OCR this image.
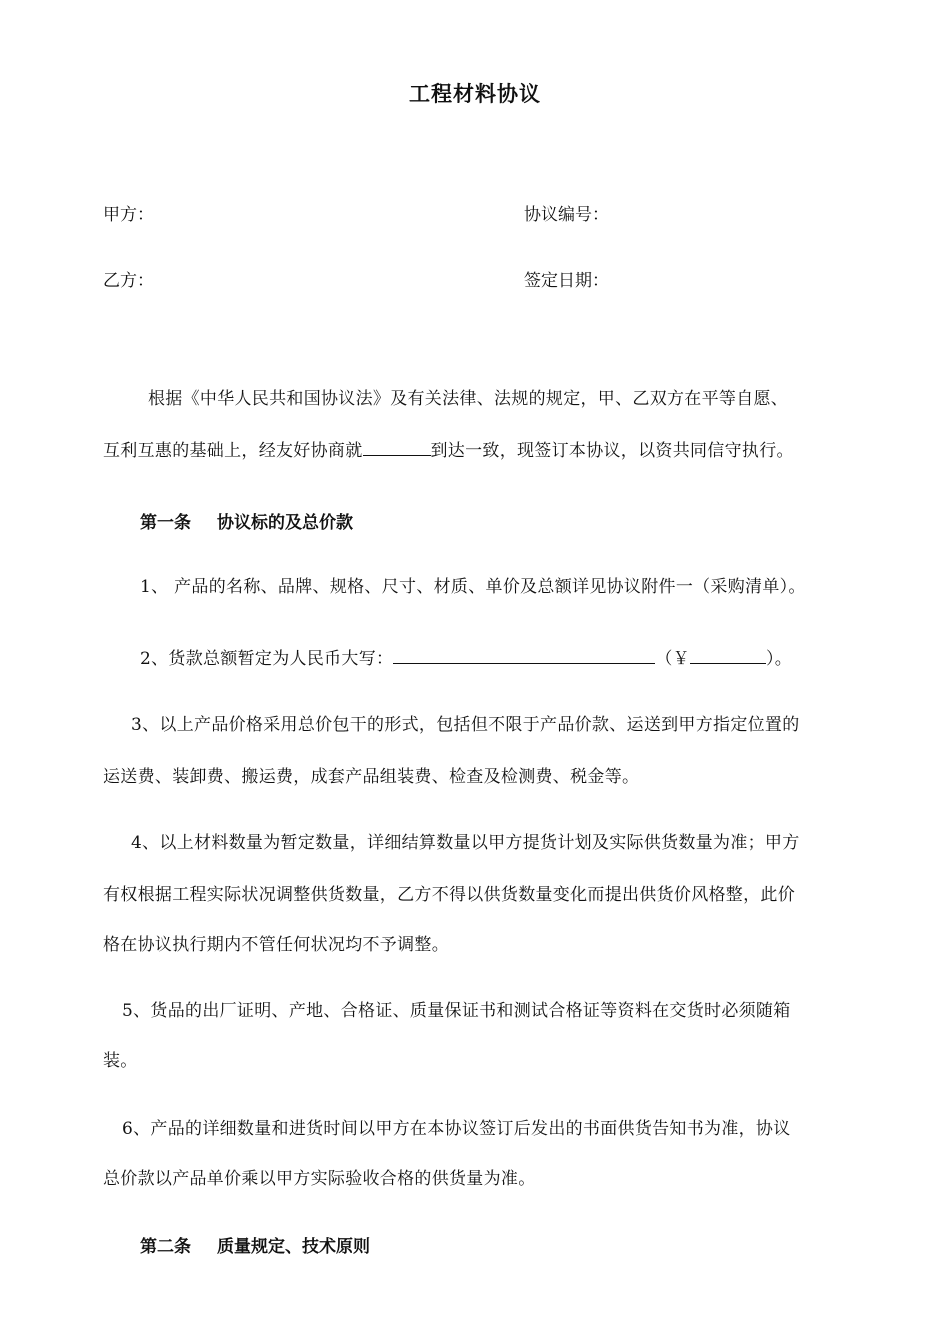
工程材料协议
甲方：	协议编号：
乙方：	签定日期：
根据《中华人民共和国协议法》及有关法律、法规的规定，甲、乙双方在平等自愿、
互利互惠的基础上，经友好协商就	到达一致，现签订本协议，以资共同信守执行。
第一条 协议标的及总价款
1、 产品的名称、品牌、规格、尺寸、材质、单价及总额详见协议附件一（采购清单）。
2、货款总额暂定为人民币大写：	（￥	）。
3、以上产品价格采用总价包干的形式，包括但不限于产品价款、运送到甲方指定位置的
运送费、装卸费、搬运费，成套产品组装费、检查及检测费、税金等。
4、以上材料数量为暂定数量，详细结算数量以甲方提货计划及实际供货数量为准；甲方
有权根据工程实际状况调整供货数量，乙方不得以供货数量变化而提出供货价风格整，此价
格在协议执行期内不管任何状况均不予调整。
5、货品的出厂证明、产地、合格证、质量保证书和测试合格证等资料在交货时必须随箱
装。
6、产品的详细数量和进货时间以甲方在本协议签订后发出的书面供货告知书为准，协议
总价款以产品单价乘以甲方实际验收合格的供货量为准。
第二条 质量规定、技术原则
